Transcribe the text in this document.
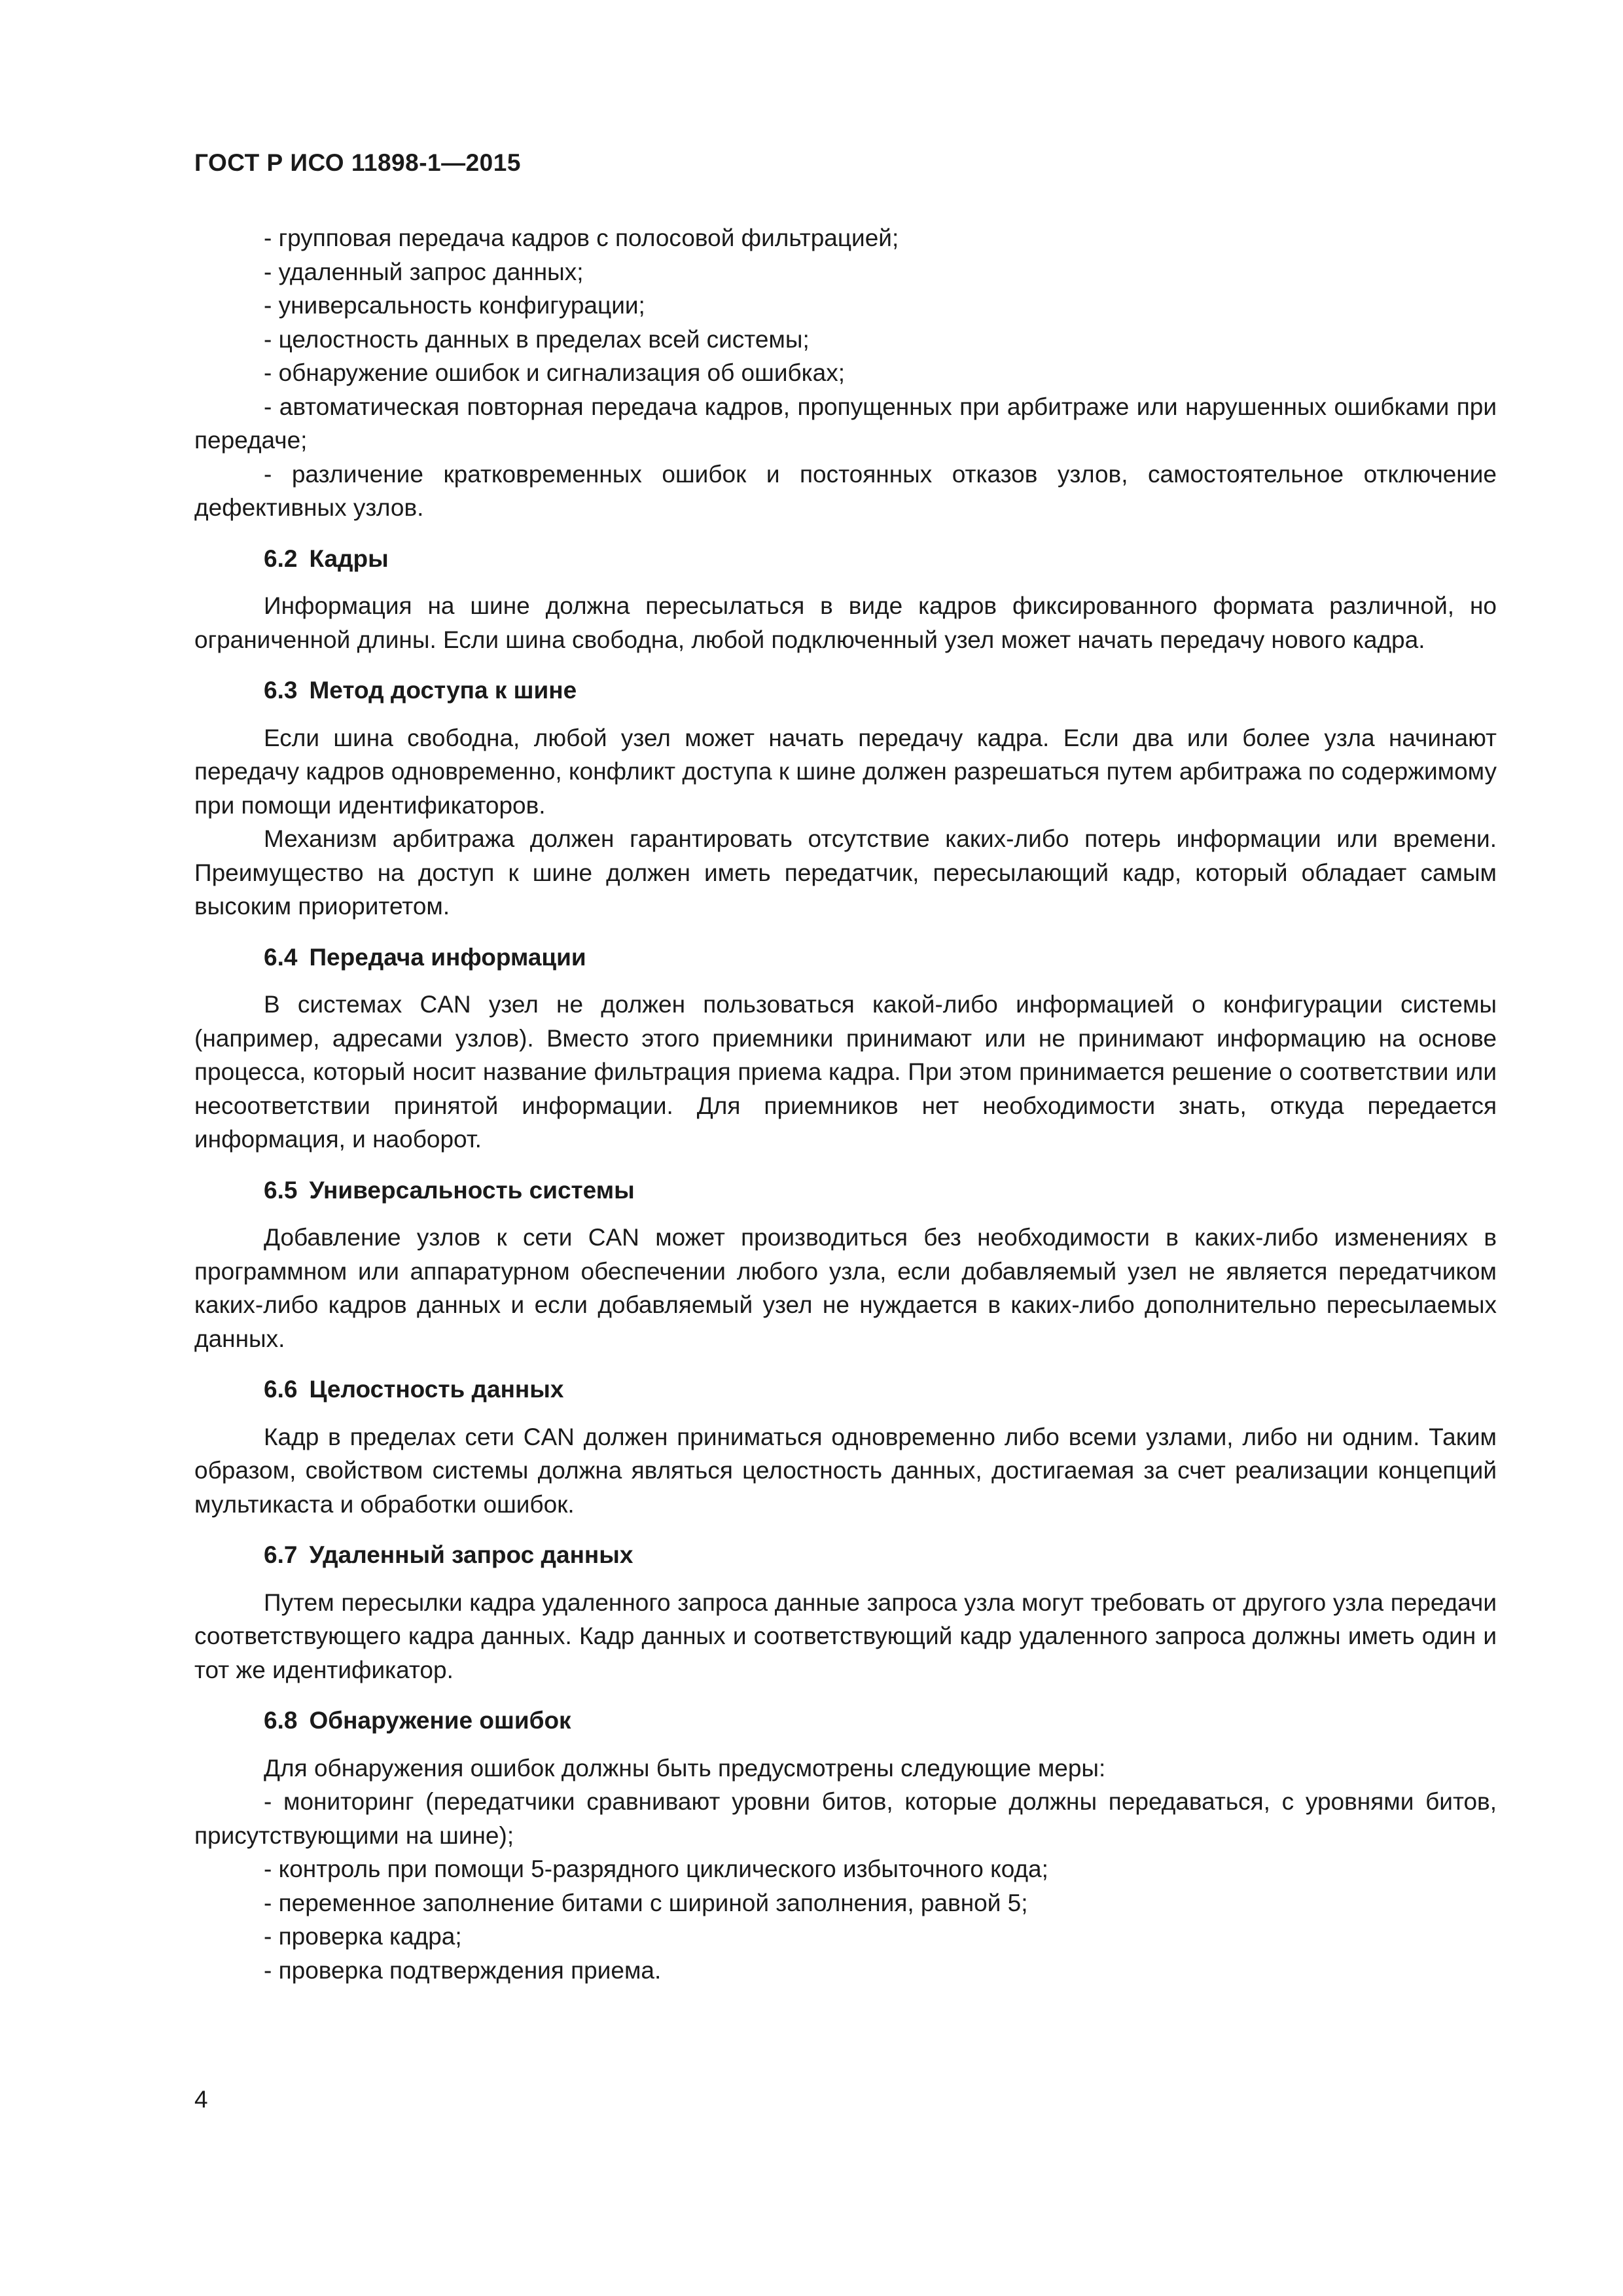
ГОСТ Р ИСО 11898-1—2015
- групповая передача кадров с полосовой фильтрацией;
- удаленный запрос данных;
- универсальность конфигурации;
- целостность данных в пределах всей системы;
- обнаружение ошибок и сигнализация об ошибках;
- автоматическая повторная передача кадров, пропущенных при арбитраже или нарушенных ошибками при передаче;
- различение кратковременных ошибок и постоянных отказов узлов, самостоятельное отключение дефективных узлов.
6.2 Кадры

Информация на шине должна пересылаться в виде кадров фиксированного формата различной, но ограниченной длины. Если шина свободна, любой подключенный узел может начать передачу нового кадра.

6.3 Метод доступа к шине

Если шина свободна, любой узел может начать передачу кадра. Если два или более узла начинают передачу кадров одновременно, конфликт доступа к шине должен разрешаться путем арбитража по содержимому при помощи идентификаторов.

Механизм арбитража должен гарантировать отсутствие каких-либо потерь информации или времени. Преимущество на доступ к шине должен иметь передатчик, пересылающий кадр, который обладает самым высоким приоритетом.

6.4 Передача информации

В системах CAN узел не должен пользоваться какой-либо информацией о конфигурации системы (например, адресами узлов). Вместо этого приемники принимают или не принимают информацию на основе процесса, который носит название фильтрация приема кадра. При этом принимается решение о соответствии или несоответствии принятой информации. Для приемников нет необходимости знать, откуда передается информация, и наоборот.

6.5 Универсальность системы

Добавление узлов к сети CAN может производиться без необходимости в каких-либо изменениях в программном или аппаратурном обеспечении любого узла, если добавляемый узел не является передатчиком каких-либо кадров данных и если добавляемый узел не нуждается в каких-либо дополнительно пересылаемых данных.

6.6 Целостность данных

Кадр в пределах сети CAN должен приниматься одновременно либо всеми узлами, либо ни одним. Таким образом, свойством системы должна являться целостность данных, достигаемая за счет реализации концепций мультикаста и обработки ошибок.

6.7 Удаленный запрос данных

Путем пересылки кадра удаленного запроса данные запроса узла могут требовать от другого узла передачи соответствующего кадра данных. Кадр данных и соответствующий кадр удаленного запроса должны иметь один и тот же идентификатор.

6.8 Обнаружение ошибок

Для обнаружения ошибок должны быть предусмотрены следующие меры:

- мониторинг (передатчики сравнивают уровни битов, которые должны передаваться, с уровнями битов, присутствующими на шине);
- контроль при помощи 5-разрядного циклического избыточного кода;
- переменное заполнение битами с шириной заполнения, равной 5;
- проверка кадра;
- проверка подтверждения приема.
4
